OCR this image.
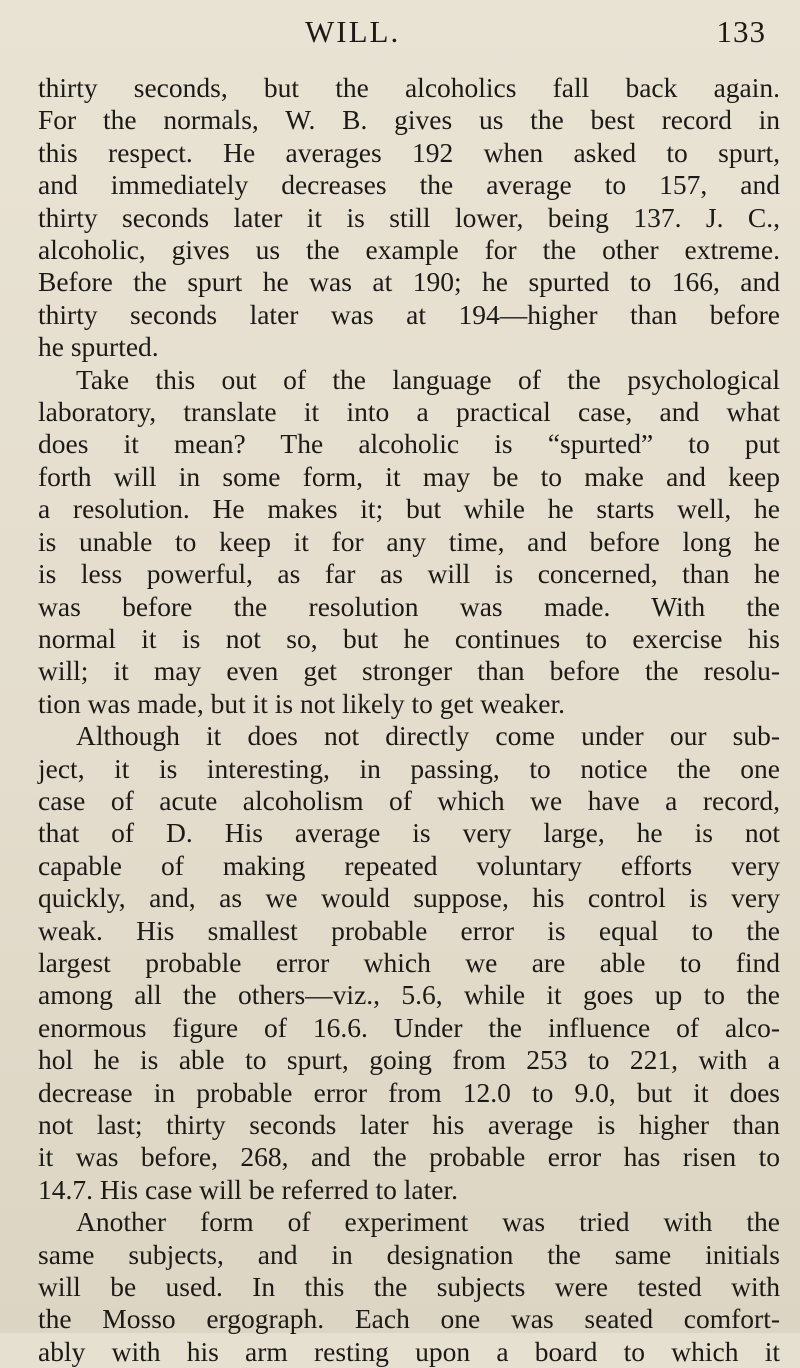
WILL.	133
thirty seconds, but the alcoholics fall back again.
For the normals, W. B. gives us the best record in
this respect. He averages 192 when asked to spurt,
and immediately decreases the average to 157, and
thirty seconds later it is still lower, being 137. J. C.,
alcoholic, gives us the example for the other extreme.
Before the spurt he was at 190; he spurted to 166, and
thirty seconds later was at 194—higher than before
he spurted.
Take this out of the language of the psychological
laboratory, translate it into a practical case, and what
does it mean? The alcoholic is “spurted” to put
forth will in some form, it may be to make and keep
a resolution. He makes it; but while he starts well, he
is unable to keep it for any time, and before long he
is less powerful, as far as will is concerned, than he
was before the resolution was made. With the
normal it is not so, but he continues to exercise his
will; it may even get stronger than before the resolu-
tion was made, but it is not likely to get weaker.
Although it does not directly come under our sub-
ject, it is interesting, in passing, to notice the one
case of acute alcoholism of which we have a record,
that of D. His average is very large, he is not
capable of making repeated voluntary efforts very
quickly, and, as we would suppose, his control is very
weak. His smallest probable error is equal to the
largest probable error which we are able to find
among all the others—viz., 5.6, while it goes up to the
enormous figure of 16.6. Under the influence of alco-
hol he is able to spurt, going from 253 to 221, with a
decrease in probable error from 12.0 to 9.0, but it does
not last; thirty seconds later his average is higher than
it was before, 268, and the probable error has risen to
14.7. His case will be referred to later.
Another form of experiment was tried with the
same subjects, and in designation the same initials
will be used. In this the subjects were tested with
the Mosso ergograph. Each one was seated comfort-
ably with his arm resting upon a board to which it
